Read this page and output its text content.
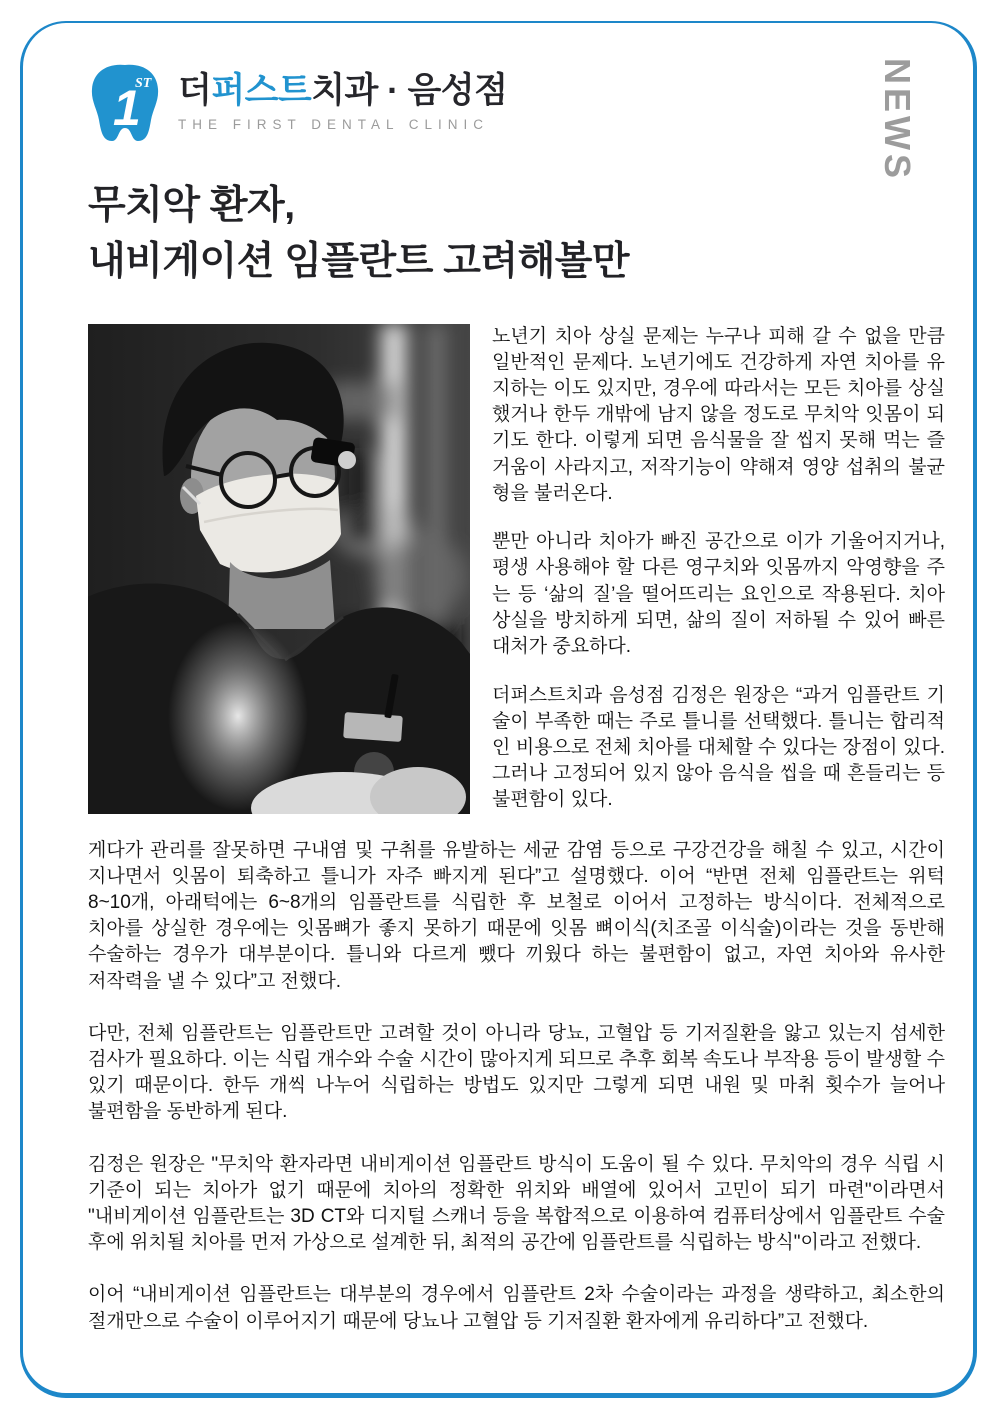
NEWS
1
ST 더퍼스트치과 · 음성점
THE FIRST DENTAL CLINIC
무치악 환자,
내비게이션 임플란트 고려해볼만

노년기 치아 상실 문제는 누구나 피해 갈 수 없을 만큼 일반적인 문제다. 노년기에도 건강하게 자연 치아를 유지하는 이도 있지만, 경우에 따라서는 모든 치아를 상실했거나 한두 개밖에 남지 않을 정도로 무치악 잇몸이 되기도 한다. 이렇게 되면 음식물을 잘 씹지 못해 먹는 즐거움이 사라지고, 저작기능이 약해져 영양 섭취의 불균형을 불러온다.

뿐만 아니라 치아가 빠진 공간으로 이가 기울어지거나, 평생 사용해야 할 다른 영구치와 잇몸까지 악영향을 주는 등 ‘삶의 질’을 떨어뜨리는 요인으로 작용된다. 치아 상실을 방치하게 되면, 삶의 질이 저하될 수 있어 빠른 대처가 중요하다.

더퍼스트치과 음성점 김정은 원장은 “과거 임플란트 기술이 부족한 때는 주로 틀니를 선택했다. 틀니는 합리적인 비용으로 전체 치아를 대체할 수 있다는 장점이 있다. 그러나 고정되어 있지 않아 음식을 씹을 때 흔들리는 등 불편함이 있다.

게다가 관리를 잘못하면 구내염 및 구취를 유발하는 세균 감염 등으로 구강건강을 해칠 수 있고, 시간이 지나면서 잇몸이 퇴축하고 틀니가 자주 빠지게 된다”고 설명했다. 이어 “반면 전체 임플란트는 위턱 8~10개, 아래턱에는 6~8개의 임플란트를 식립한 후 보철로 이어서 고정하는 방식이다. 전체적으로 치아를 상실한 경우에는 잇몸뼈가 좋지 못하기 때문에 잇몸 뼈이식(치조골 이식술)이라는 것을 동반해 수술하는 경우가 대부분이다. 틀니와 다르게 뺐다 끼웠다 하는 불편함이 없고, 자연 치아와 유사한 저작력을 낼 수 있다”고 전했다.

다만, 전체 임플란트는 임플란트만 고려할 것이 아니라 당뇨, 고혈압 등 기저질환을 앓고 있는지 섬세한 검사가 필요하다. 이는 식립 개수와 수술 시간이 많아지게 되므로 추후 회복 속도나 부작용 등이 발생할 수 있기 때문이다. 한두 개씩 나누어 식립하는 방법도 있지만 그렇게 되면 내원 및 마취 횟수가 늘어나 불편함을 동반하게 된다.

김정은 원장은 "무치악 환자라면 내비게이션 임플란트 방식이 도움이 될 수 있다. 무치악의 경우 식립 시 기준이 되는 치아가 없기 때문에 치아의 정확한 위치와 배열에 있어서 고민이 되기 마련"이라면서 "내비게이션 임플란트는 3D CT와 디지털 스캐너 등을 복합적으로 이용하여 컴퓨터상에서 임플란트 수술 후에 위치될 치아를 먼저 가상으로 설계한 뒤, 최적의 공간에 임플란트를 식립하는 방식"이라고 전했다.

이어 “내비게이션 임플란트는 대부분의 경우에서 임플란트 2차 수술이라는 과정을 생략하고, 최소한의 절개만으로 수술이 이루어지기 때문에 당뇨나 고혈압 등 기저질환 환자에게 유리하다”고 전했다.
